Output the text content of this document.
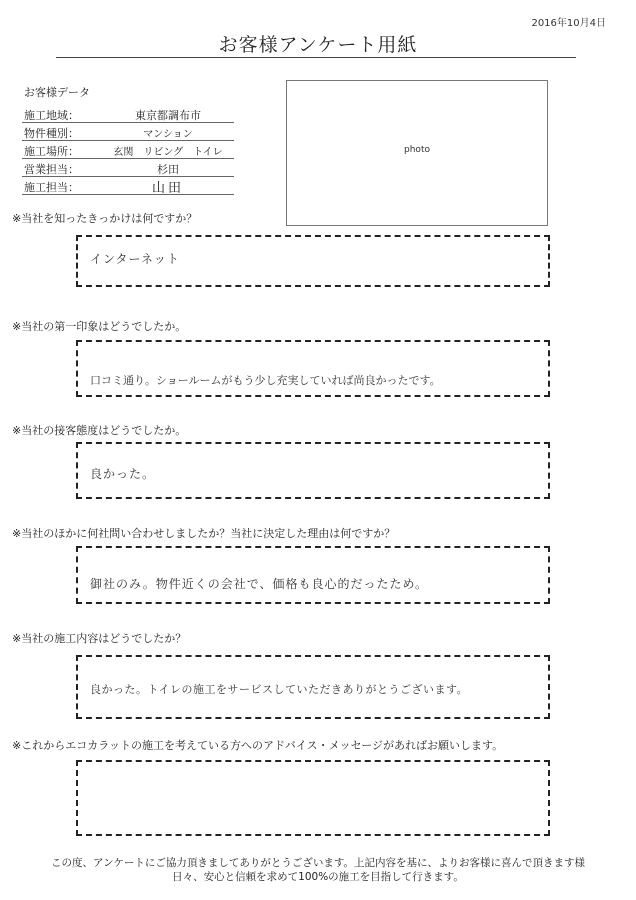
2016年10月4日
お客様アンケート用紙
お客様データ
施工地域：	東京都調布市
物件種別：	マンション
施工場所：	玄関　リビング　トイレ
営業担当：	杉田
施工担当：	山田
photo
※当社を知ったきっかけは何ですか？
インターネット
※当社の第一印象はどうでしたか。
口コミ通り。ショールームがもう少し充実していれば尚良かったです。
※当社の接客態度はどうでしたか。
良かった。
※当社のほかに何社問い合わせしましたか？当社に決定した理由は何ですか？
御社のみ。物件近くの会社で、価格も良心的だったため。
※当社の施工内容はどうでしたか？
良かった。トイレの施工をサービスしていただきありがとうございます。
※これからエコカラットの施工を考えている方へのアドバイス・メッセージがあればお願いします。
この度、アンケートにご協力頂きましてありがとうございます。上記内容を基に、よりお客様に喜んで頂きます様
日々、安心と信頼を求めて100%の施工を目指して行きます。
